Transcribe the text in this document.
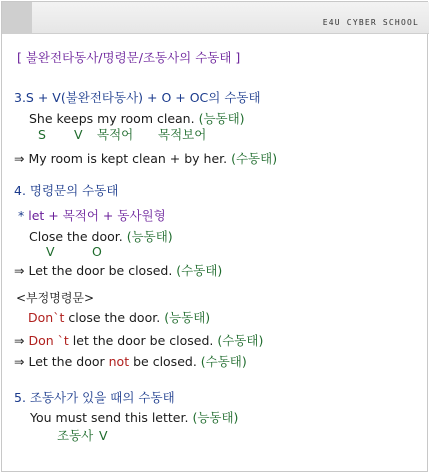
E4U CYBER SCHOOL
[ 불완전타동사/명령문/조동사의 수동태 ]
3.S + V(불완전타동사) + O + OC의 수동태
She keeps my room clean. (능동태)
S V 목적어 목적보어
⇒ My room is kept clean + by her. (수동태)
4. 명령문의 수동태
* let + 목적어 + 동사원형
Close the door. (능동태)
V	O
⇒ Let the door be closed. (수동태)
<부정명령문>
Don`t close the door. (능동태)
⇒ Don `t let the door be closed. (수동태)
⇒ Let the door not be closed. (수동태)
5. 조동사가 있을 때의 수동태
You must send this letter. (능동태)
조동사 V
